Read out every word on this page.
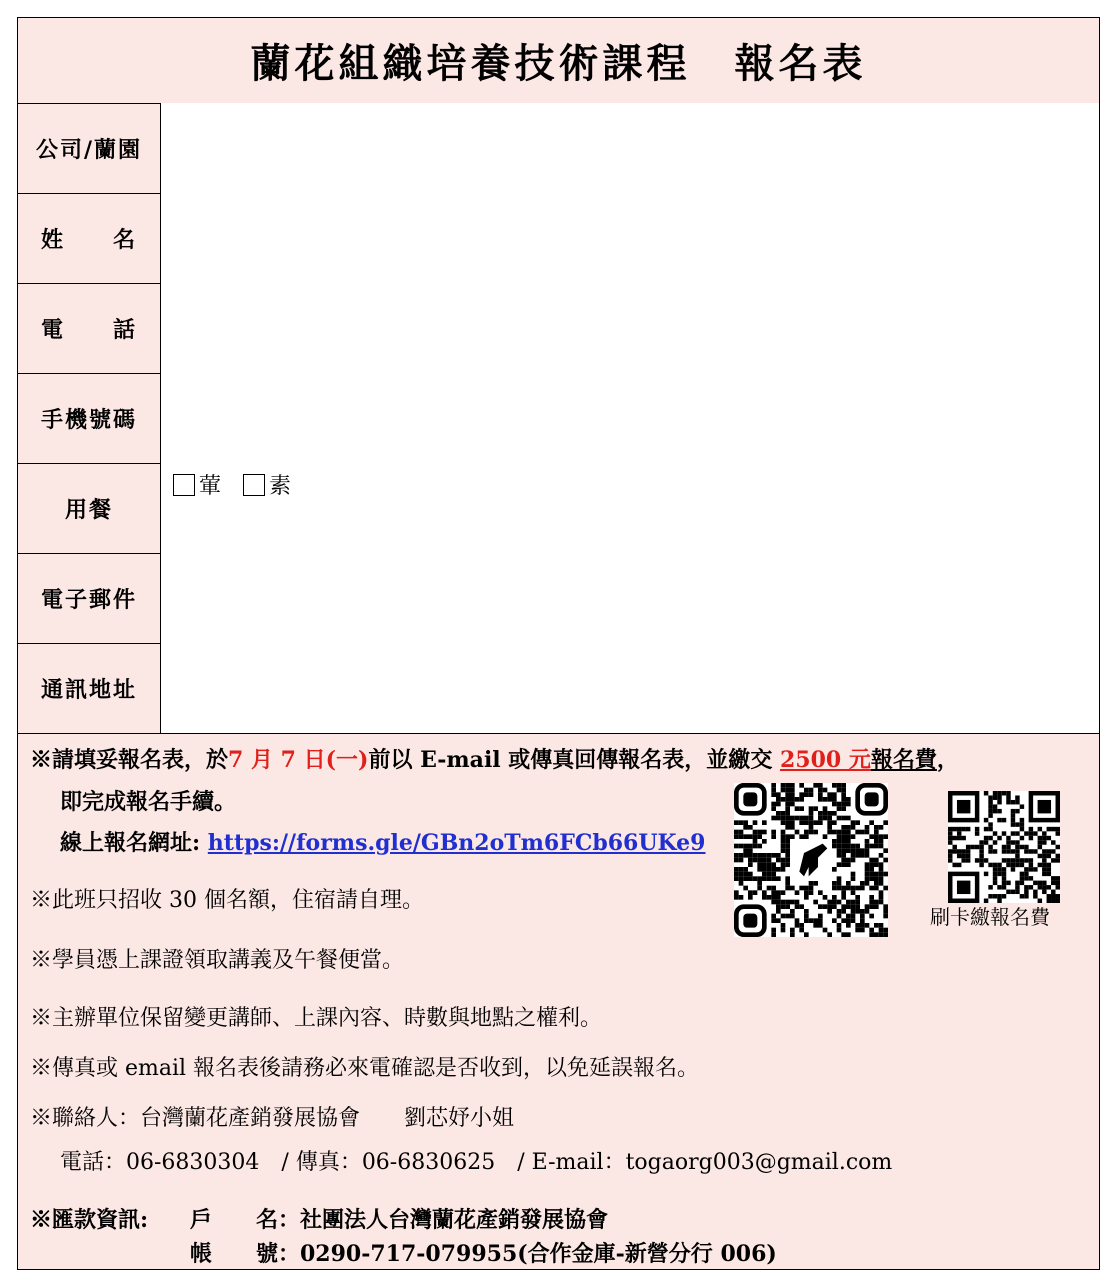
蘭花組織培養技術課程　報名表
公司/蘭園
姓　　名
電　　話
手機號碼
用餐
葷	素
電子郵件
通訊地址
※請填妥報名表，於7 月 7 日(一)前以 E-mail 或傳真回傳報名表，並繳交 2500 元報名費，
即完成報名手續。
線上報名網址: https://forms.gle/GBn2oTm6FCb66UKe9
刷卡繳報名費
※此班只招收 30 個名額，住宿請自理。
※學員憑上課證領取講義及午餐便當。
※主辦單位保留變更講師、上課內容、時數與地點之權利。
※傳真或 email 報名表後請務必來電確認是否收到，以免延誤報名。
※聯絡人：台灣蘭花產銷發展協會　　劉芯妤小姐
電話：06-6830304　/ 傳真：06-6830625　/ E-mail：togaorg003@gmail.com
※匯款資訊: 戶　　名：社團法人台灣蘭花產銷發展協會
帳　　號：0290-717-079955(合作金庫-新營分行 006)
